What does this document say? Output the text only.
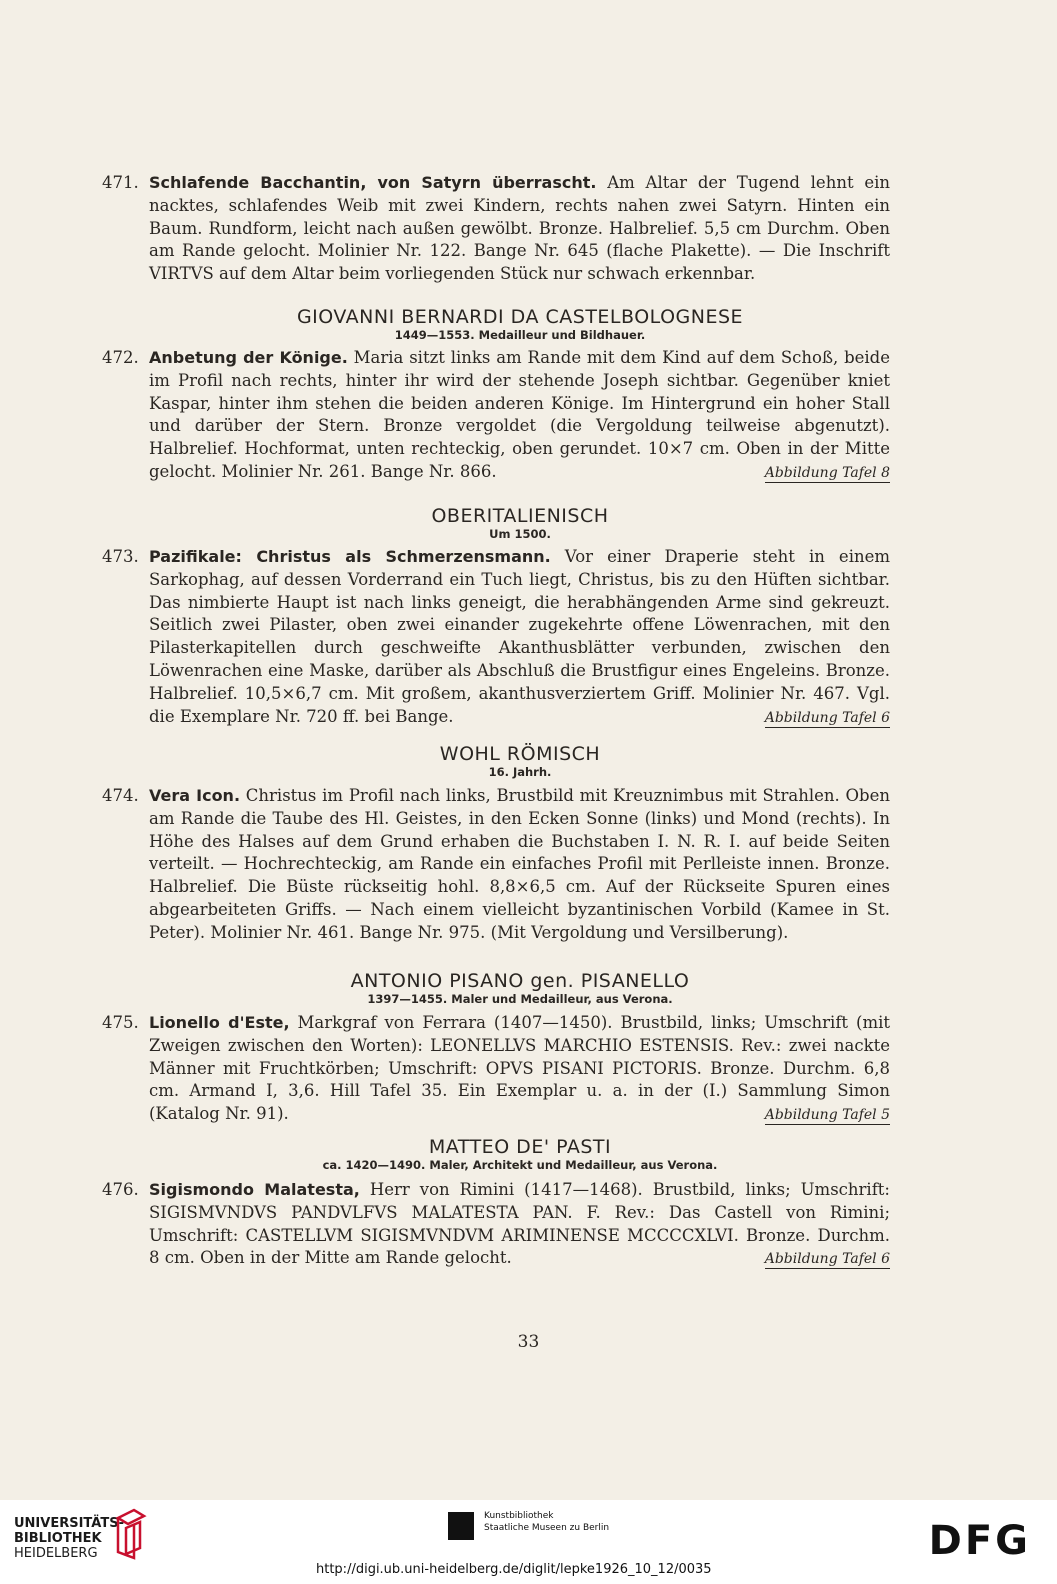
471. Schlafende Bacchantin, von Satyrn überrascht. Am Altar der Tugend lehnt ein nacktes, schlafendes Weib mit zwei Kindern, rechts nahen zwei Satyrn. Hinten ein Baum. Rundform, leicht nach außen gewölbt. Bronze. Halbrelief. 5,5 cm Durchm. Oben am Rande gelocht. Molinier Nr. 122. Bange Nr. 645 (flache Plakette). — Die Inschrift VIRTVS auf dem Altar beim vorliegenden Stück nur schwach erkennbar.
GIOVANNI BERNARDI DA CASTELBOLOGNESE
1449—1553. Medailleur und Bildhauer.
472. Anbetung der Könige. Maria sitzt links am Rande mit dem Kind auf dem Schoß, beide im Profil nach rechts, hinter ihr wird der stehende Joseph sichtbar. Gegenüber kniet Kaspar, hinter ihm stehen die beiden anderen Könige. Im Hintergrund ein hoher Stall und darüber der Stern. Bronze vergoldet (die Vergoldung teilweise abgenutzt). Halbrelief. Hochformat, unten rechteckig, oben gerundet. 10×7 cm. Oben in der Mitte gelocht. Molinier Nr. 261. Bange Nr. 866.	Abbildung Tafel 8
OBERITALIENISCH
Um 1500.
473. Pazifikale: Christus als Schmerzensmann. Vor einer Draperie steht in einem Sarkophag, auf dessen Vorderrand ein Tuch liegt, Christus, bis zu den Hüften sichtbar. Das nimbierte Haupt ist nach links geneigt, die herabhängenden Arme sind gekreuzt. Seitlich zwei Pilaster, oben zwei einander zugekehrte offene Löwenrachen, mit den Pilasterkapitellen durch geschweifte Akanthusblätter verbunden, zwischen den Löwenrachen eine Maske, darüber als Abschluß die Brustfigur eines Engeleins. Bronze. Halbrelief. 10,5×6,7 cm. Mit großem, akanthusverziertem Griff. Molinier Nr. 467. Vgl. die Exemplare Nr. 720 ff. bei Bange.	Abbildung Tafel 6
WOHL RÖMISCH
16. Jahrh.
474. Vera Icon. Christus im Profil nach links, Brustbild mit Kreuznimbus mit Strahlen. Oben am Rande die Taube des Hl. Geistes, in den Ecken Sonne (links) und Mond (rechts). In Höhe des Halses auf dem Grund erhaben die Buchstaben I. N. R. I. auf beide Seiten verteilt. — Hochrechteckig, am Rande ein einfaches Profil mit Perlleiste innen. Bronze. Halbrelief. Die Büste rückseitig hohl. 8,8×6,5 cm. Auf der Rückseite Spuren eines abgearbeiteten Griffs. — Nach einem vielleicht byzantinischen Vorbild (Kamee in St. Peter). Molinier Nr. 461. Bange Nr. 975. (Mit Vergoldung und Versilberung).
ANTONIO PISANO gen. PISANELLO
1397—1455. Maler und Medailleur, aus Verona.
475. Lionello d'Este, Markgraf von Ferrara (1407—1450). Brustbild, links; Umschrift (mit Zweigen zwischen den Worten): LEONELLVS MARCHIO ESTENSIS. Rev.: zwei nackte Männer mit Fruchtkörben; Umschrift: OPVS PISANI PICTORIS. Bronze. Durchm. 6,8 cm. Armand I, 3,6. Hill Tafel 35. Ein Exemplar u. a. in der (I.) Sammlung Simon (Katalog Nr. 91).	Abbildung Tafel 5
MATTEO DE' PASTI
ca. 1420—1490. Maler, Architekt und Medailleur, aus Verona.
476. Sigismondo Malatesta, Herr von Rimini (1417—1468). Brustbild, links; Umschrift: SIGISMVNDVS PANDVLFVS MALATESTA PAN. F. Rev.: Das Castell von Rimini; Umschrift: CASTELLVM SIGISMVNDVM ARIMINENSE MCCCCXLVI. Bronze. Durchm. 8 cm. Oben in der Mitte am Rande gelocht.	Abbildung Tafel 6
33
UNIVERSITÄTS-
BIBLIOTHEK
HEIDELBERG
Kunstbibliothek
Staatliche Museen zu Berlin	DFG
http://digi.ub.uni-heidelberg.de/diglit/lepke1926_10_12/0035
